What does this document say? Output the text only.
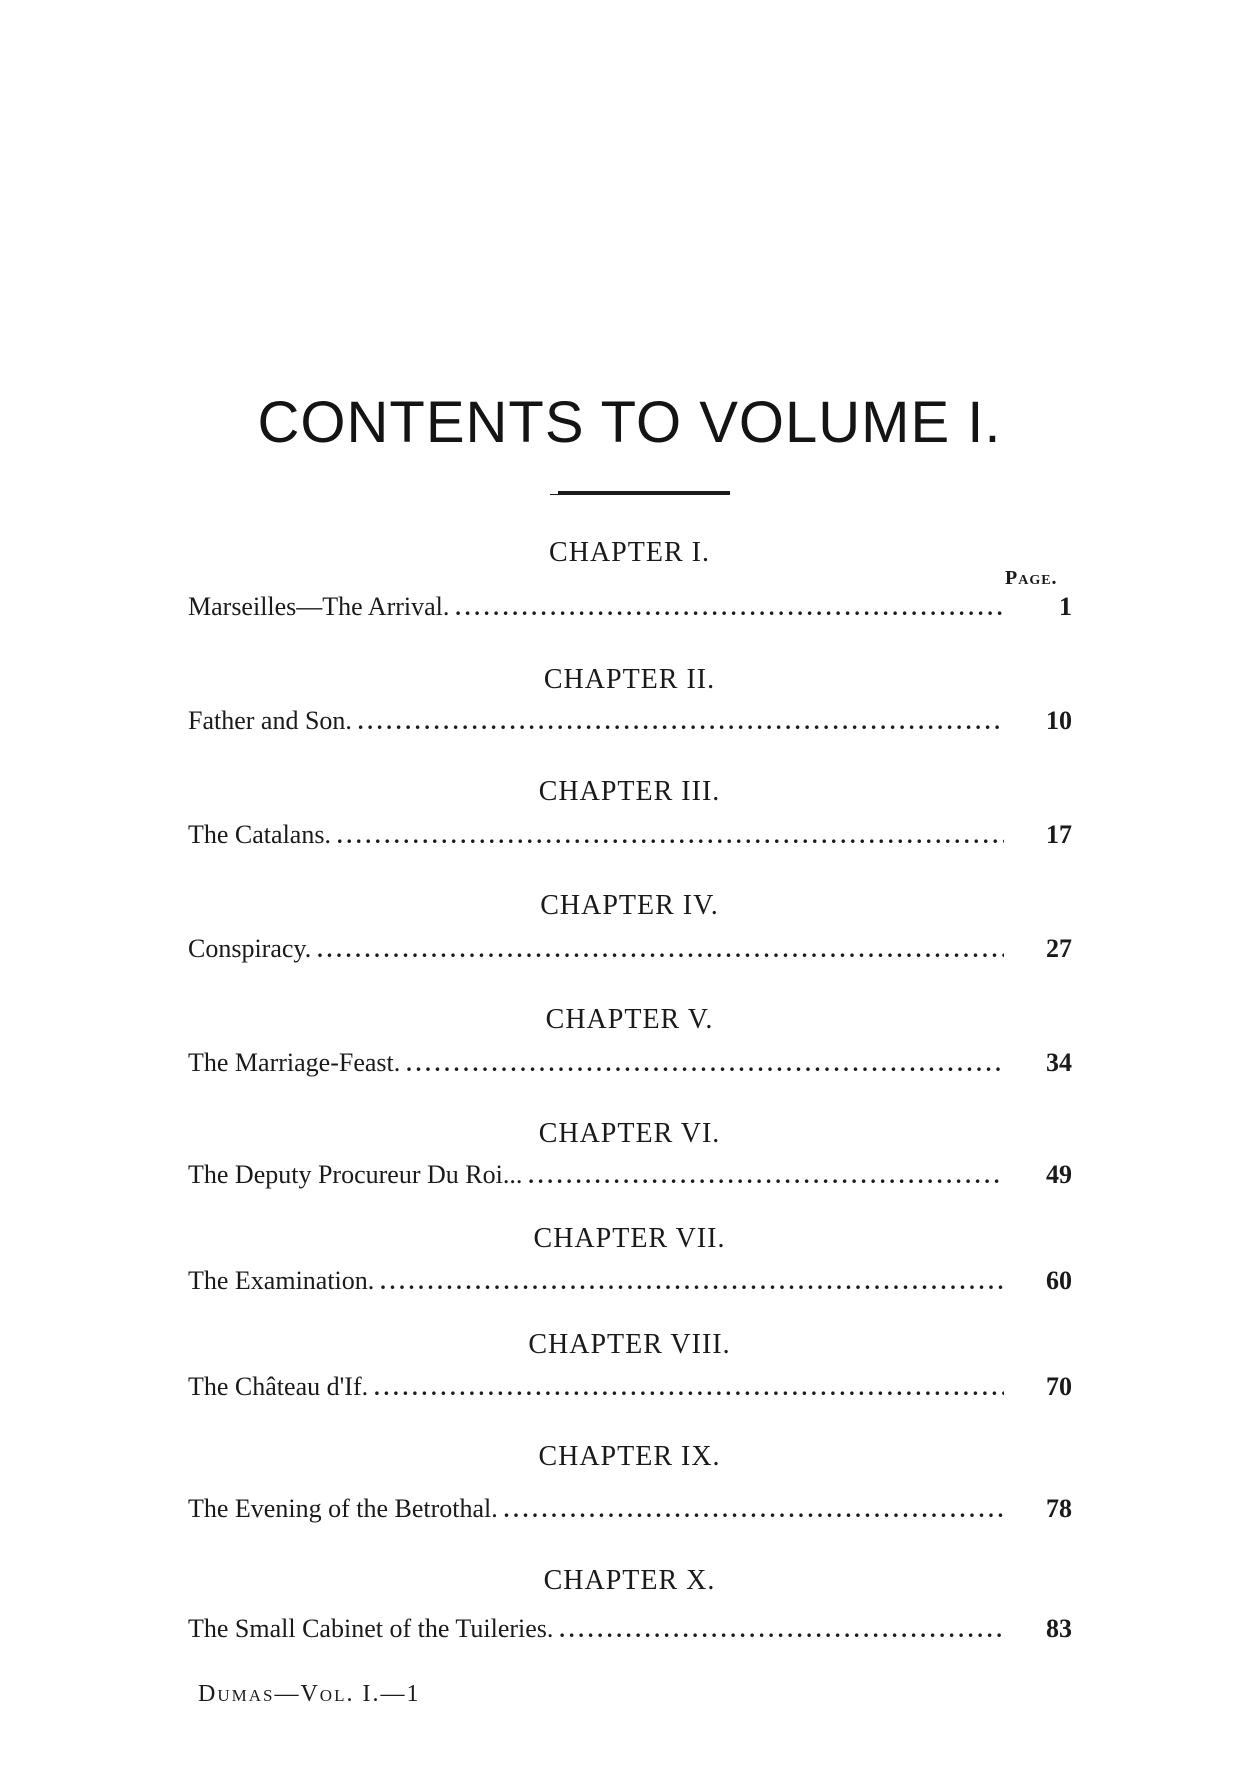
CONTENTS TO VOLUME I.
CHAPTER I.
Page.
Marseilles—The Arrival. .....	1
CHAPTER II.
Father and Son. .....	10
CHAPTER III.
The Catalans. .....	17
CHAPTER IV.
Conspiracy. .....	27
CHAPTER V.
The Marriage-Feast. .....	34
CHAPTER VI.
The Deputy Procureur Du Roi... .....	49
CHAPTER VII.
The Examination. .....	60
CHAPTER VIII.
The Château d'If. .....	70
CHAPTER IX.
The Evening of the Betrothal. .....	78
CHAPTER X.
The Small Cabinet of the Tuileries. .....	83
Dumas—Vol. I.—1
